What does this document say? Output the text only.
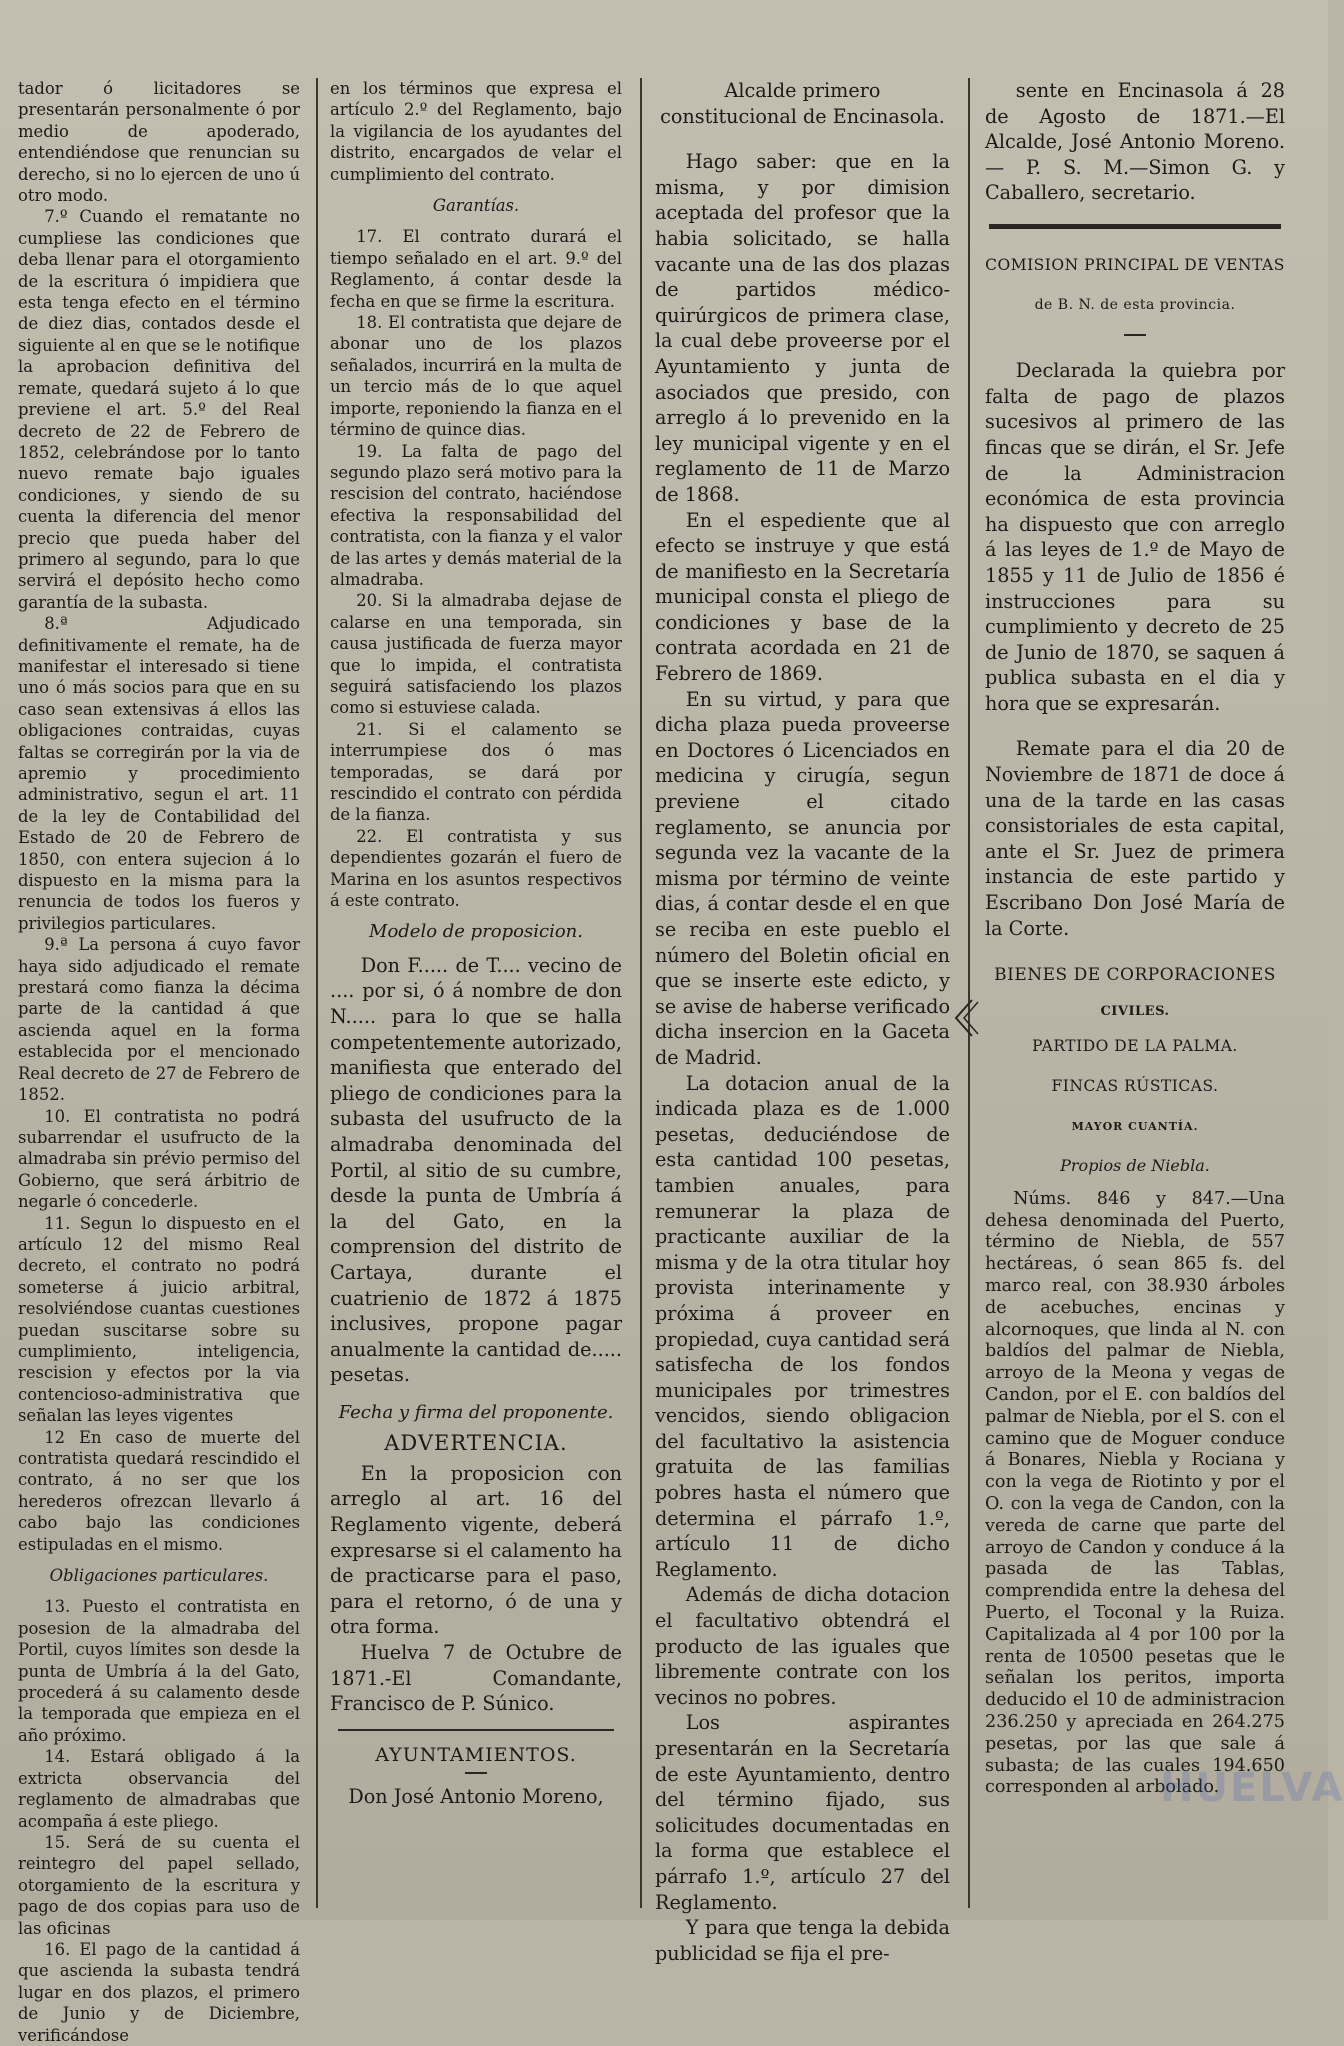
tador ó licitadores se presentarán personalmente ó por medio de apoderado, entendiéndose que renuncian su derecho, si no lo ejercen de uno ú otro modo.

7.º Cuando el rematante no cumpliese las condiciones que deba llenar para el otorgamiento de la escritura ó impidiera que esta tenga efecto en el término de diez dias, contados desde el siguiente al en que se le notifique la aprobacion definitiva del remate, quedará sujeto á lo que previene el art. 5.º del Real decreto de 22 de Febrero de 1852, celebrándose por lo tanto nuevo remate bajo iguales condiciones, y siendo de su cuenta la diferencia del menor precio que pueda haber del primero al segundo, para lo que servirá el depósito hecho como garantía de la subasta.

8.ª Adjudicado definitivamente el remate, ha de manifestar el interesado si tiene uno ó más socios para que en su caso sean extensivas á ellos las obligaciones contraidas, cuyas faltas se corregirán por la via de apremio y procedimiento administrativo, segun el art. 11 de la ley de Contabilidad del Estado de 20 de Febrero de 1850, con entera sujecion á lo dispuesto en la misma para la renuncia de todos los fueros y privilegios particulares.

9.ª La persona á cuyo favor haya sido adjudicado el remate prestará como fianza la décima parte de la cantidad á que ascienda aquel en la forma establecida por el mencionado Real decreto de 27 de Febrero de 1852.

10. El contratista no podrá subarrendar el usufructo de la almadraba sin prévio permiso del Gobierno, que será árbitrio de negarle ó concederle.

11. Segun lo dispuesto en el artículo 12 del mismo Real decreto, el contrato no podrá someterse á juicio arbitral, resolviéndose cuantas cuestiones puedan suscitarse sobre su cumplimiento, inteligencia, rescision y efectos por la via contencioso-administrativa que señalan las leyes vigentes

12 En caso de muerte del contratista quedará rescindido el contrato, á no ser que los herederos ofrezcan llevarlo á cabo bajo las condiciones estipuladas en el mismo.

Obligaciones particulares.

13. Puesto el contratista en posesion de la almadraba del Portil, cuyos límites son desde la punta de Umbría á la del Gato, procederá á su calamento desde la temporada que empieza en el año próximo.

14. Estará obligado á la extricta observancia del reglamento de almadrabas que acompaña á este pliego.

15. Será de su cuenta el reintegro del papel sellado, otorgamiento de la escritura y pago de dos copias para uso de las oficinas

16. El pago de la cantidad á que ascienda la subasta tendrá lugar en dos plazos, el primero de Junio y de Diciembre, verificándose

en los términos que expresa el artículo 2.º del Reglamento, bajo la vigilancia de los ayudantes del distrito, encargados de velar el cumplimiento del contrato.

Garantías.

17. El contrato durará el tiempo señalado en el art. 9.º del Reglamento, á contar desde la fecha en que se firme la escritura.

18. El contratista que dejare de abonar uno de los plazos señalados, incurrirá en la multa de un tercio más de lo que aquel importe, reponiendo la fianza en el término de quince dias.

19. La falta de pago del segundo plazo será motivo para la rescision del contrato, haciéndose efectiva la responsabilidad del contratista, con la fianza y el valor de las artes y demás material de la almadraba.

20. Si la almadraba dejase de calarse en una temporada, sin causa justificada de fuerza mayor que lo impida, el contratista seguirá satisfaciendo los plazos como si estuviese calada.

21. Si el calamento se interrumpiese dos ó mas temporadas, se dará por rescindido el contrato con pérdida de la fianza.

22. El contratista y sus dependientes gozarán el fuero de Marina en los asuntos respectivos á este contrato.

Modelo de proposicion.

Don F..... de T.... vecino de .... por si, ó á nombre de don N..... para lo que se halla competentemente autorizado, manifiesta que enterado del pliego de condiciones para la subasta del usufructo de la almadraba denominada del Portil, al sitio de su cumbre, desde la punta de Umbría á la del Gato, en la comprension del distrito de Cartaya, durante el cuatrienio de 1872 á 1875 inclusives, propone pagar anualmente la cantidad de..... pesetas.

Fecha y firma del proponente.

ADVERTENCIA.

En la proposicion con arreglo al art. 16 del Reglamento vigente, deberá expresarse si el calamento ha de practicarse para el paso, para el retorno, ó de una y otra forma.

Huelva 7 de Octubre de 1871.-El Comandante, Francisco de P. Súnico.

AYUNTAMIENTOS.

Don José Antonio Moreno,

Alcalde primero constitucional de Encinasola.

Hago saber: que en la misma, y por dimision aceptada del profesor que la habia solicitado, se halla vacante una de las dos plazas de partidos médico-quirúrgicos de primera clase, la cual debe proveerse por el Ayuntamiento y junta de asociados que presido, con arreglo á lo prevenido en la ley municipal vigente y en el reglamento de 11 de Marzo de 1868.

En el espediente que al efecto se instruye y que está de manifiesto en la Secretaría municipal consta el pliego de condiciones y base de la contrata acordada en 21 de Febrero de 1869.

En su virtud, y para que dicha plaza pueda proveerse en Doctores ó Licenciados en medicina y cirugía, segun previene el citado reglamento, se anuncia por segunda vez la vacante de la misma por término de veinte dias, á contar desde el en que se reciba en este pueblo el número del Boletin oficial en que se inserte este edicto, y se avise de haberse verificado dicha insercion en la Gaceta de Madrid.

La dotacion anual de la indicada plaza es de 1.000 pesetas, deduciéndose de esta cantidad 100 pesetas, tambien anuales, para remunerar la plaza de practicante auxiliar de la misma y de la otra titular hoy provista interinamente y próxima á proveer en propiedad, cuya cantidad será satisfecha de los fondos municipales por trimestres vencidos, siendo obligacion del facultativo la asistencia gratuita de las familias pobres hasta el número que determina el párrafo 1.º, artículo 11 de dicho Reglamento.

Además de dicha dotacion el facultativo obtendrá el producto de las iguales que libremente contrate con los vecinos no pobres.

Los aspirantes presentarán en la Secretaría de este Ayuntamiento, dentro del término fijado, sus solicitudes documentadas en la forma que establece el párrafo 1.º, artículo 27 del Reglamento.

Y para que tenga la debida publicidad se fija el pre-

sente en Encinasola á 28 de Agosto de 1871.—El Alcalde, José Antonio Moreno.— P. S. M.—Simon G. y Caballero, secretario.

COMISION PRINCIPAL DE VENTAS

de B. N. de esta provincia.

Declarada la quiebra por falta de pago de plazos sucesivos al primero de las fincas que se dirán, el Sr. Jefe de la Administracion económica de esta provincia ha dispuesto que con arreglo á las leyes de 1.º de Mayo de 1855 y 11 de Julio de 1856 é instrucciones para su cumplimiento y decreto de 25 de Junio de 1870, se saquen á publica subasta en el dia y hora que se expresarán.

Remate para el dia 20 de Noviembre de 1871 de doce á una de la tarde en las casas consistoriales de esta capital, ante el Sr. Juez de primera instancia de este partido y Escribano Don José María de la Corte.

BIENES DE CORPORACIONES

CIVILES.

PARTIDO DE LA PALMA.

FINCAS RÚSTICAS.

MAYOR CUANTÍA.

Propios de Niebla.

Núms. 846 y 847.—Una dehesa denominada del Puerto, término de Niebla, de 557 hectáreas, ó sean 865 fs. del marco real, con 38.930 árboles de acebuches, encinas y alcornoques, que linda al N. con baldíos del palmar de Niebla, arroyo de la Meona y vegas de Candon, por el E. con baldíos del palmar de Niebla, por el S. con el camino que de Moguer conduce á Bonares, Niebla y Rociana y con la vega de Riotinto y por el O. con la vega de Candon, con la vereda de carne que parte del arroyo de Candon y conduce á la pasada de las Tablas, comprendida entre la dehesa del Puerto, el Toconal y la Ruiza. Capitalizada al 4 por 100 por la renta de 10500 pesetas que le señalan los peritos, importa deducido el 10 de administracion 236.250 y apreciada en 264.275 pesetas, por las que sale á subasta; de las cuales 194.650 corresponden al arbolado.

HUELVA
